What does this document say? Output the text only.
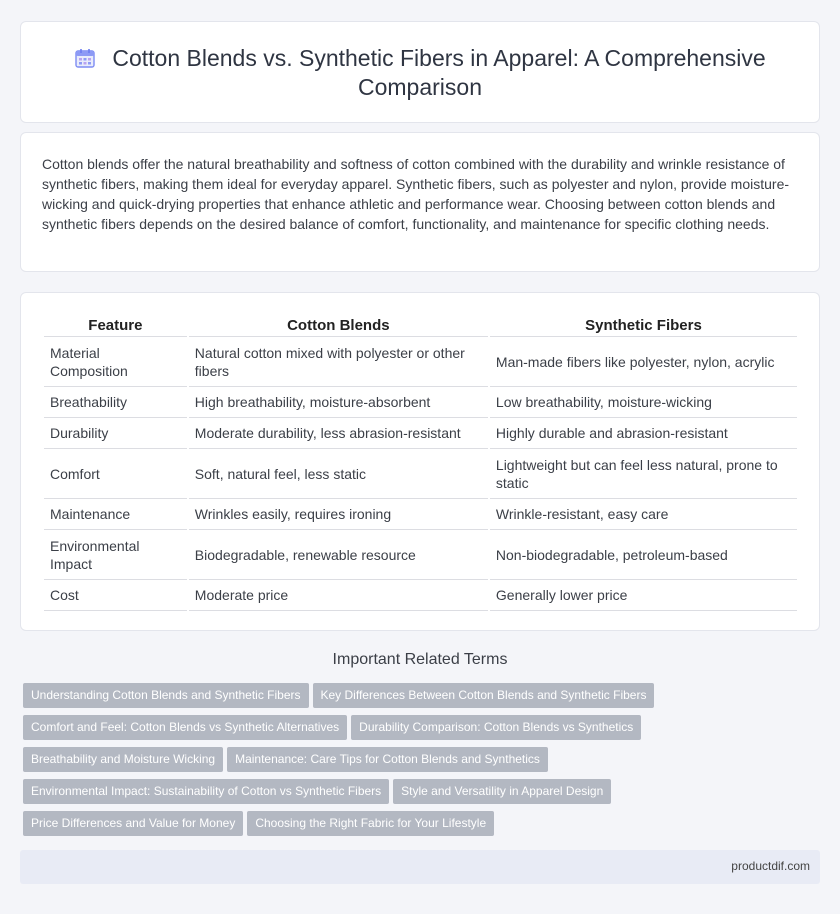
Cotton Blends vs. Synthetic Fibers in Apparel: A Comprehensive Comparison

Cotton blends offer the natural breathability and softness of cotton combined with the durability and wrinkle resistance of synthetic fibers, making them ideal for everyday apparel. Synthetic fibers, such as polyester and nylon, provide moisture-wicking and quick-drying properties that enhance athletic and performance wear. Choosing between cotton blends and synthetic fibers depends on the desired balance of comfort, functionality, and maintenance for specific clothing needs.

Feature	Cotton Blends	Synthetic Fibers
Material Composition	Natural cotton mixed with polyester or other fibers	Man-made fibers like polyester, nylon, acrylic
Breathability	High breathability, moisture-absorbent	Low breathability, moisture-wicking
Durability	Moderate durability, less abrasion-resistant	Highly durable and abrasion-resistant
Comfort	Soft, natural feel, less static	Lightweight but can feel less natural, prone to static
Maintenance	Wrinkles easily, requires ironing	Wrinkle-resistant, easy care
Environmental Impact	Biodegradable, renewable resource	Non-biodegradable, petroleum-based
Cost	Moderate price	Generally lower price
Important Related Terms
Understanding Cotton Blends and Synthetic Fibers Key Differences Between Cotton Blends and Synthetic Fibers
Comfort and Feel: Cotton Blends vs Synthetic Alternatives Durability Comparison: Cotton Blends vs Synthetics
Breathability and Moisture Wicking Maintenance: Care Tips for Cotton Blends and Synthetics
Environmental Impact: Sustainability of Cotton vs Synthetic Fibers Style and Versatility in Apparel Design
Price Differences and Value for Money Choosing the Right Fabric for Your Lifestyle
productdif.com
